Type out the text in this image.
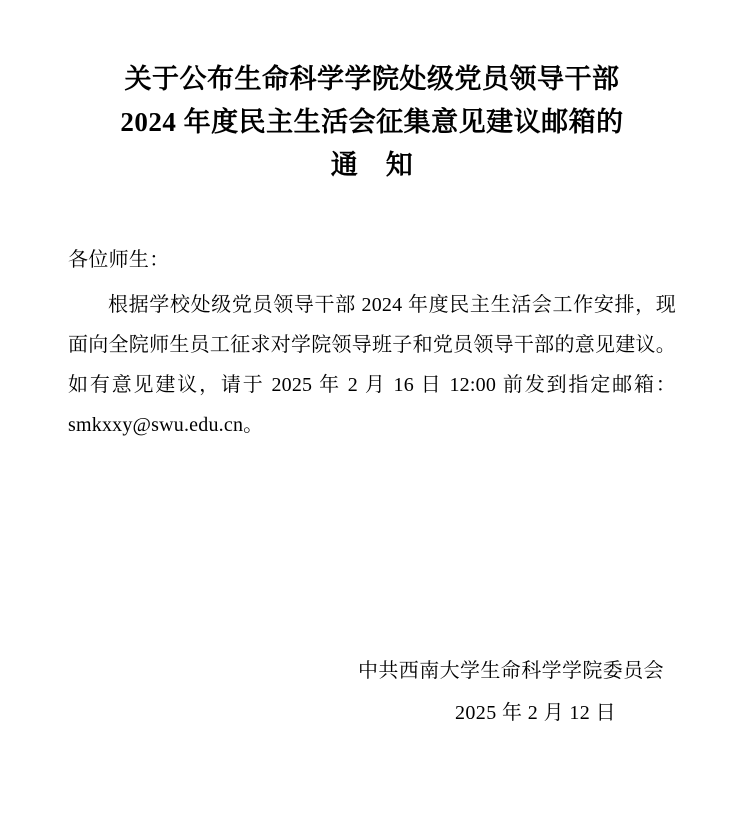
关于公布生命科学学院处级党员领导干部
2024 年度民主生活会征集意见建议邮箱的
通　知
各位师生：

根据学校处级党员领导干部 2024 年度民主生活会工作安排，现面向全院师生员工征求对学院领导班子和党员领导干部的意见建议。如有意见建议，请于 2025 年 2 月 16 日 12:00 前发到指定邮箱：smkxxy@swu.edu.cn。

中共西南大学生命科学学院委员会
2025 年 2 月 12 日
